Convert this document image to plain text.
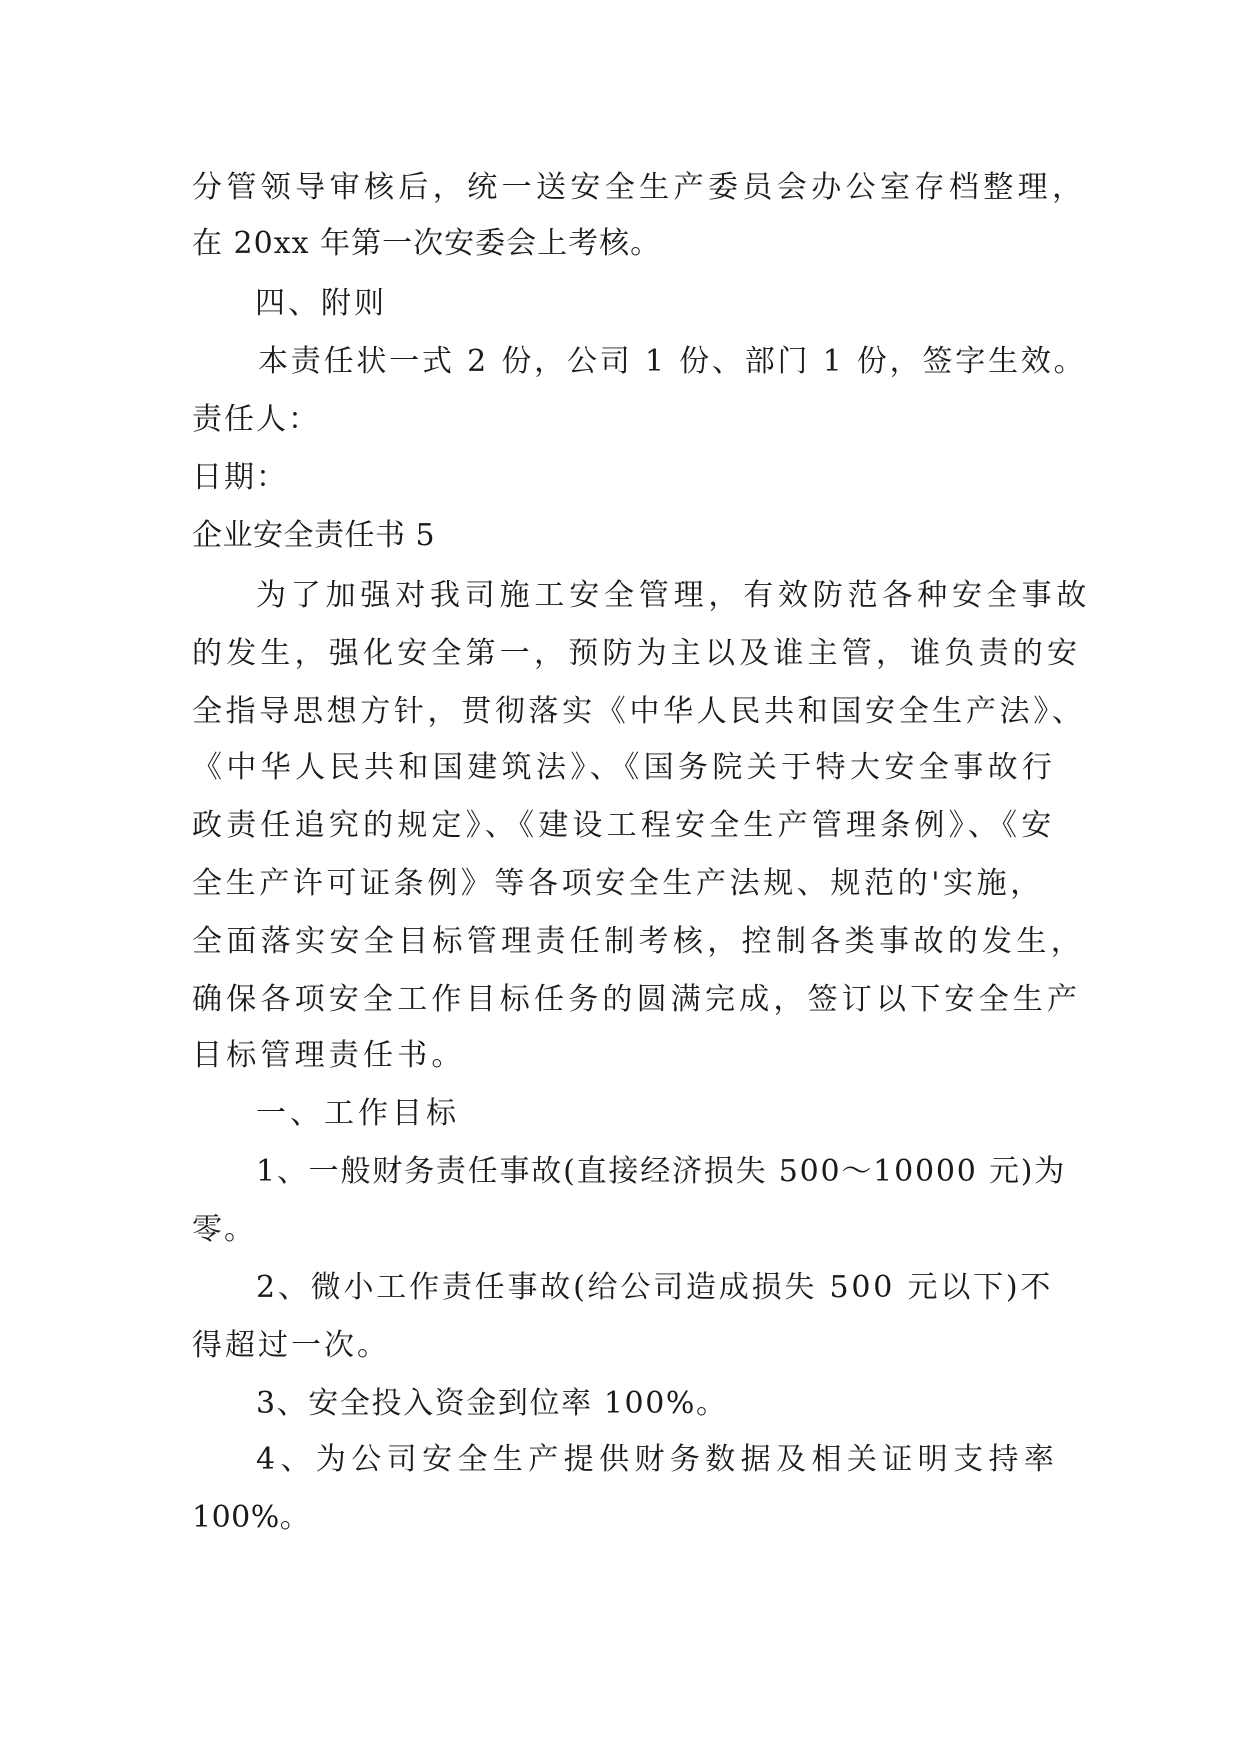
分管领导审核后，统一送安全生产委员会办公室存档整理，
在 20xx 年第一次安委会上考核。
四、附则
本责任状一式 2 份，公司 1 份、部门 1 份，签字生效。
责任人：
日期：
企业安全责任书 5
为了加强对我司施工安全管理，有效防范各种安全事故
的发生，强化安全第一，预防为主以及谁主管，谁负责的安
全指导思想方针，贯彻落实《中华人民共和国安全生产法》、
《中华人民共和国建筑法》、《国务院关于特大安全事故行
政责任追究的规定》、《建设工程安全生产管理条例》、《安
全生产许可证条例》等各项安全生产法规、规范的'实施，
全面落实安全目标管理责任制考核，控制各类事故的发生，
确保各项安全工作目标任务的圆满完成，签订以下安全生产
目标管理责任书。
一、工作目标
1、一般财务责任事故(直接经济损失 500～10000 元)为
零。
2、微小工作责任事故(给公司造成损失 500 元以下)不
得超过一次。
3、安全投入资金到位率 100%。
4、为公司安全生产提供财务数据及相关证明支持率
100%。
